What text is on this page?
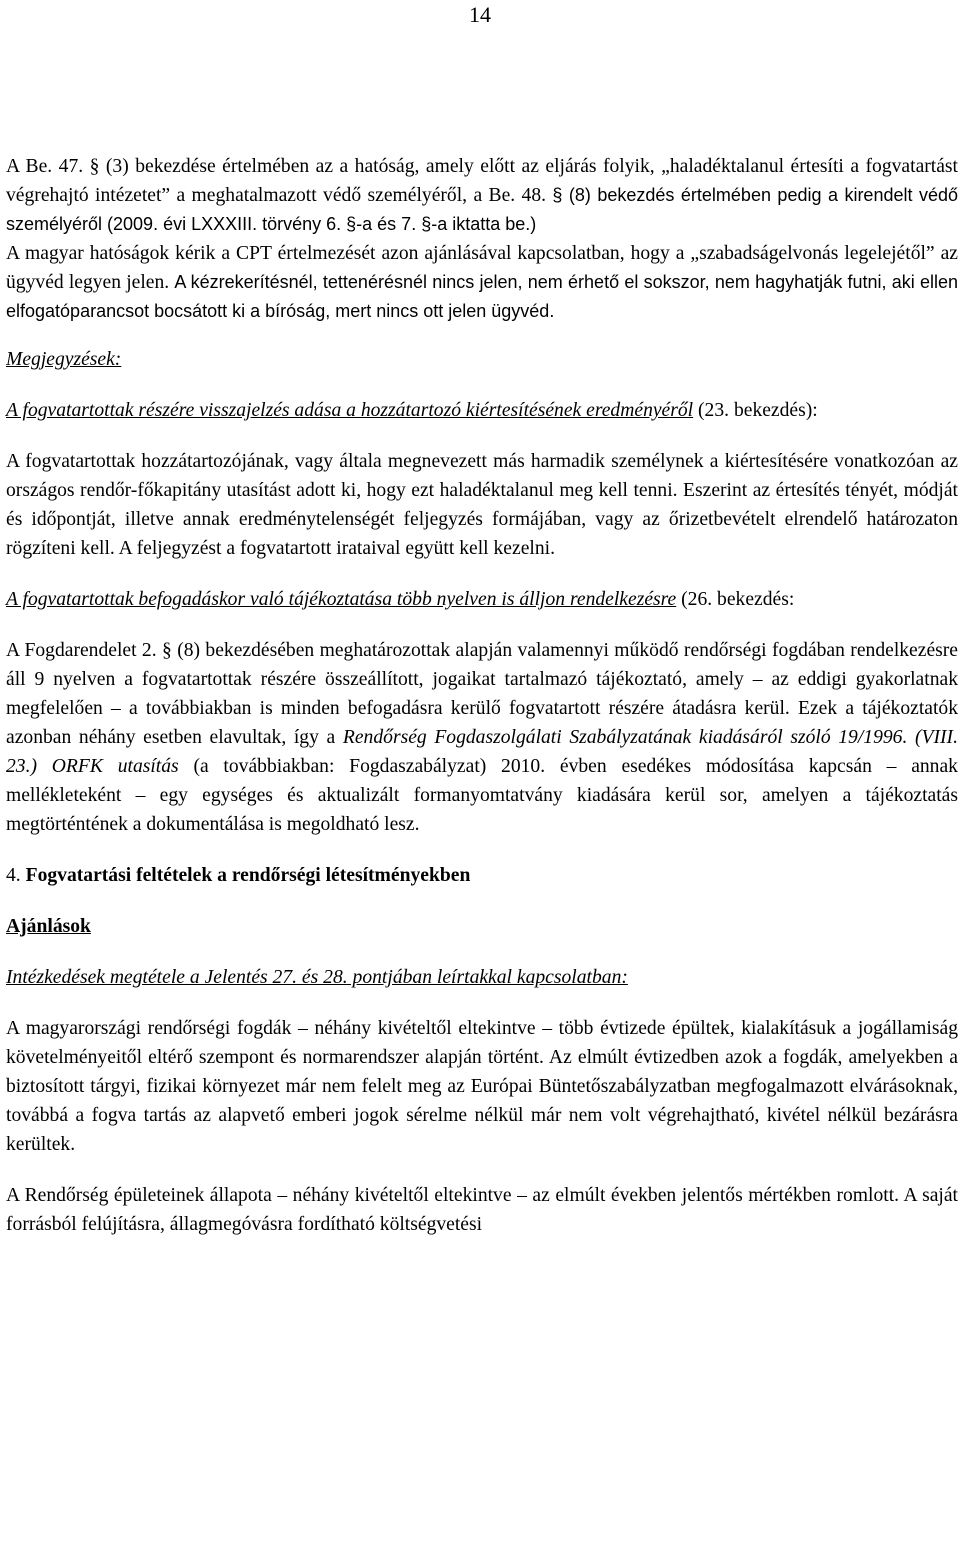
14

A Be. 47. § (3) bekezdése értelmében az a hatóság, amely előtt az eljárás folyik, „haladéktalanul értesíti a fogvatartást végrehajtó intézetet” a meghatalmazott védő személyéről, a Be. 48. § (8) bekezdés értelmében pedig a kirendelt védő személyéről (2009. évi LXXXIII. törvény 6. §-a és 7. §-a iktatta be.)

A magyar hatóságok kérik a CPT értelmezését azon ajánlásával kapcsolatban, hogy a „szabadságelvonás legelejétől” az ügyvéd legyen jelen. A kézrekerítésnél, tettenérésnél nincs jelen, nem érhető el sokszor, nem hagyhatják futni, aki ellen elfogatóparancsot bocsátott ki a bíróság, mert nincs ott jelen ügyvéd.

Megjegyzések:

A fogvatartottak részére visszajelzés adása a hozzátartozó kiértesítésének eredményéről (23. bekezdés):

A fogvatartottak hozzátartozójának, vagy általa megnevezett más harmadik személynek a kiértesítésére vonatkozóan az országos rendőr-főkapitány utasítást adott ki, hogy ezt haladéktalanul meg kell tenni. Eszerint az értesítés tényét, módját és időpontját, illetve annak eredménytelenségét feljegyzés formájában, vagy az őrizetbevételt elrendelő határozaton rögzíteni kell. A feljegyzést a fogvatartott irataival együtt kell kezelni.

A fogvatartottak befogadáskor való tájékoztatása több nyelven is álljon rendelkezésre (26. bekezdés:

A Fogdarendelet 2. § (8) bekezdésében meghatározottak alapján valamennyi működő rendőrségi fogdában rendelkezésre áll 9 nyelven a fogvatartottak részére összeállított, jogaikat tartalmazó tájékoztató, amely – az eddigi gyakorlatnak megfelelően – a továbbiakban is minden befogadásra kerülő fogvatartott részére átadásra kerül. Ezek a tájékoztatók azonban néhány esetben elavultak, így a Rendőrség Fogdaszolgálati Szabályzatának kiadásáról szóló 19/1996. (VIII. 23.) ORFK utasítás (a továbbiakban: Fogdaszabályzat) 2010. évben esedékes módosítása kapcsán – annak mellékleteként – egy egységes és aktualizált formanyomtatvány kiadására kerül sor, amelyen a tájékoztatás megtörténtének a dokumentálása is megoldható lesz.

4. Fogvatartási feltételek a rendőrségi létesítményekben

Ajánlások

Intézkedések megtétele a Jelentés 27. és 28. pontjában leírtakkal kapcsolatban:

A magyarországi rendőrségi fogdák – néhány kivételtől eltekintve – több évtizede épültek, kialakításuk a jogállamiság követelményeitől eltérő szempont és normarendszer alapján történt. Az elmúlt évtizedben azok a fogdák, amelyekben a biztosított tárgyi, fizikai környezet már nem felelt meg az Európai Büntetőszabályzatban megfogalmazott elvárásoknak, továbbá a fogva tartás az alapvető emberi jogok sérelme nélkül már nem volt végrehajtható, kivétel nélkül bezárásra kerültek.

A Rendőrség épületeinek állapota – néhány kivételtől eltekintve – az elmúlt években jelentős mértékben romlott. A saját forrásból felújításra, állagmegóvásra fordítható költségvetési
